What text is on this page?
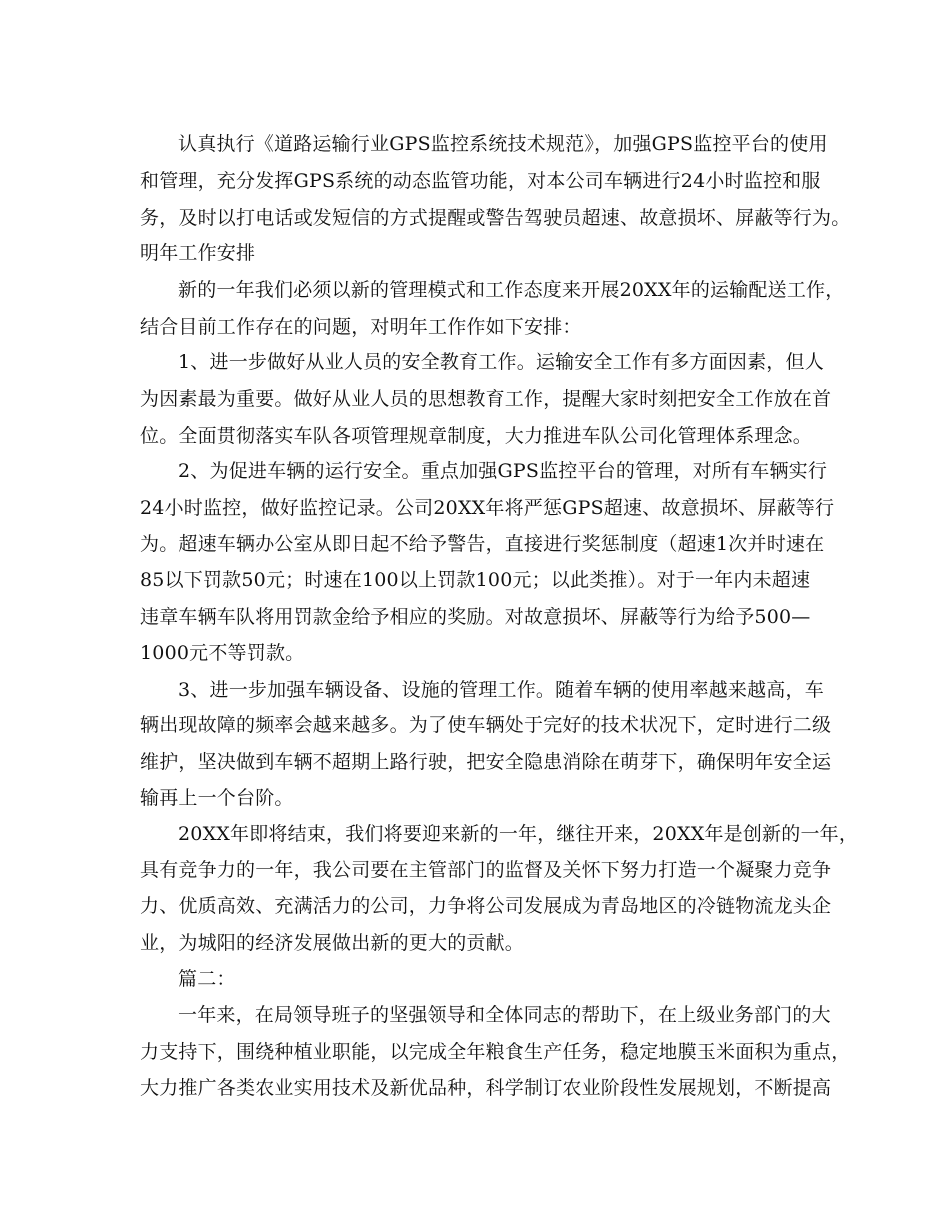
认真执行《道路运输行业GPS监控系统技术规范》，加强GPS监控平台的使用
和管理，充分发挥GPS系统的动态监管功能，对本公司车辆进行24小时监控和服
务，及时以打电话或发短信的方式提醒或警告驾驶员超速、故意损坏、屏蔽等行为。
明年工作安排
新的一年我们必须以新的管理模式和工作态度来开展20XX年的运输配送工作，
结合目前工作存在的问题，对明年工作作如下安排：
1、进一步做好从业人员的安全教育工作。运输安全工作有多方面因素，但人
为因素最为重要。做好从业人员的思想教育工作，提醒大家时刻把安全工作放在首
位。全面贯彻落实车队各项管理规章制度，大力推进车队公司化管理体系理念。
2、为促进车辆的运行安全。重点加强GPS监控平台的管理，对所有车辆实行
24小时监控，做好监控记录。公司20XX年将严惩GPS超速、故意损坏、屏蔽等行
为。超速车辆办公室从即日起不给予警告，直接进行奖惩制度（超速1次并时速在
85以下罚款50元；时速在100以上罚款100元；以此类推）。对于一年内未超速
违章车辆车队将用罚款金给予相应的奖励。对故意损坏、屏蔽等行为给予500—
1000元不等罚款。
3、进一步加强车辆设备、设施的管理工作。随着车辆的使用率越来越高，车
辆出现故障的频率会越来越多。为了使车辆处于完好的技术状况下，定时进行二级
维护，坚决做到车辆不超期上路行驶，把安全隐患消除在萌芽下，确保明年安全运
输再上一个台阶。
20XX年即将结束，我们将要迎来新的一年，继往开来，20XX年是创新的一年，
具有竞争力的一年，我公司要在主管部门的监督及关怀下努力打造一个凝聚力竞争
力、优质高效、充满活力的公司，力争将公司发展成为青岛地区的冷链物流龙头企
业，为城阳的经济发展做出新的更大的贡献。
篇二：
一年来，在局领导班子的坚强领导和全体同志的帮助下，在上级业务部门的大
力支持下，围绕种植业职能，以完成全年粮食生产任务，稳定地膜玉米面积为重点，
大力推广各类农业实用技术及新优品种，科学制订农业阶段性发展规划，不断提高
